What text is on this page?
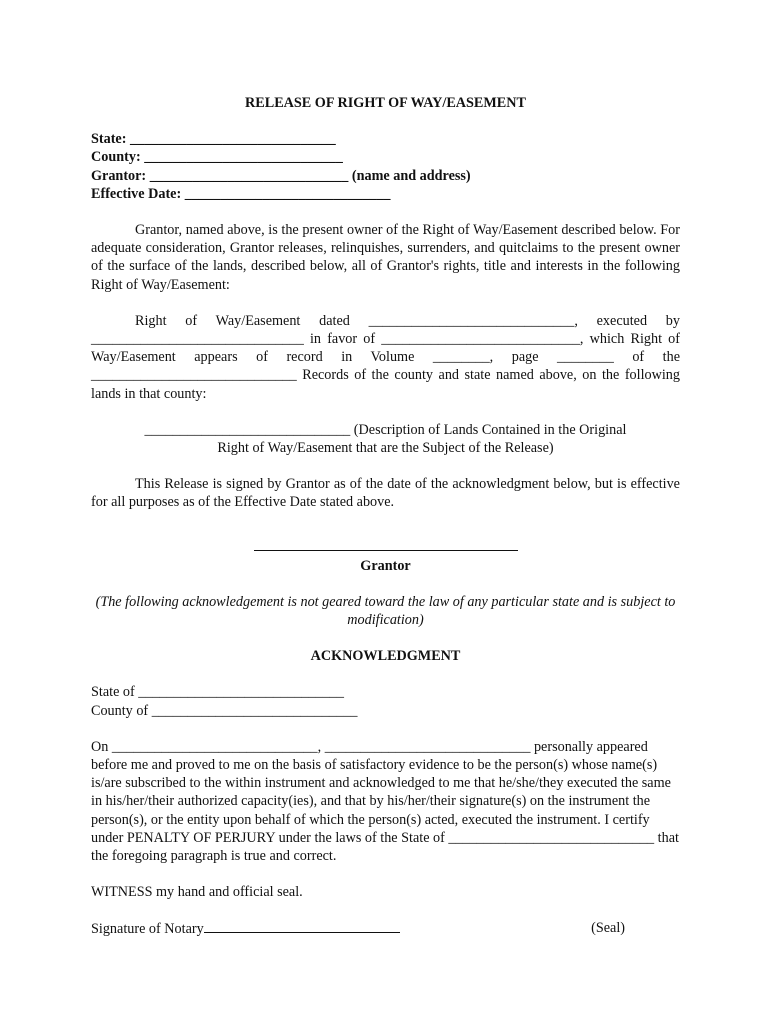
RELEASE OF RIGHT OF WAY/EASEMENT

State: _____________________________

County: ____________________________

Grantor: ____________________________ (name and address)

Effective Date: _____________________________

Grantor, named above, is the present owner of the Right of Way/Easement described below. For adequate consideration, Grantor releases, relinquishes, surrenders, and quitclaims to the present owner of the surface of the lands, described below, all of Grantor's rights, title and interests in the following Right of Way/Easement:

Right of Way/Easement dated _____________________________, executed by ______________________________ in favor of ____________________________, which Right of Way/Easement appears of record in Volume ________, page ________ of the _____________________________ Records of the county and state named above, on the following lands in that county:

_____________________________ (Description of Lands Contained in the Original

Right of Way/Easement that are the Subject of the Release)

This Release is signed by Grantor as of the date of the acknowledgment below, but is effective for all purposes as of the Effective Date stated above.

Grantor

(The following acknowledgement is not geared toward the law of any particular state and is subject to modification)

ACKNOWLEDGMENT

State of _____________________________

County of _____________________________

On _____________________________, _____________________________ personally appeared before me and proved to me on the basis of satisfactory evidence to be the person(s) whose name(s) is/are subscribed to the within instrument and acknowledged to me that he/she/they executed the same in his/her/their authorized capacity(ies), and that by his/her/their signature(s) on the instrument the person(s), or the entity upon behalf of which the person(s) acted, executed the instrument. I certify under PENALTY OF PERJURY under the laws of the State of _____________________________ that the foregoing paragraph is true and correct.

WITNESS my hand and official seal.

Signature of Notary	(Seal)
